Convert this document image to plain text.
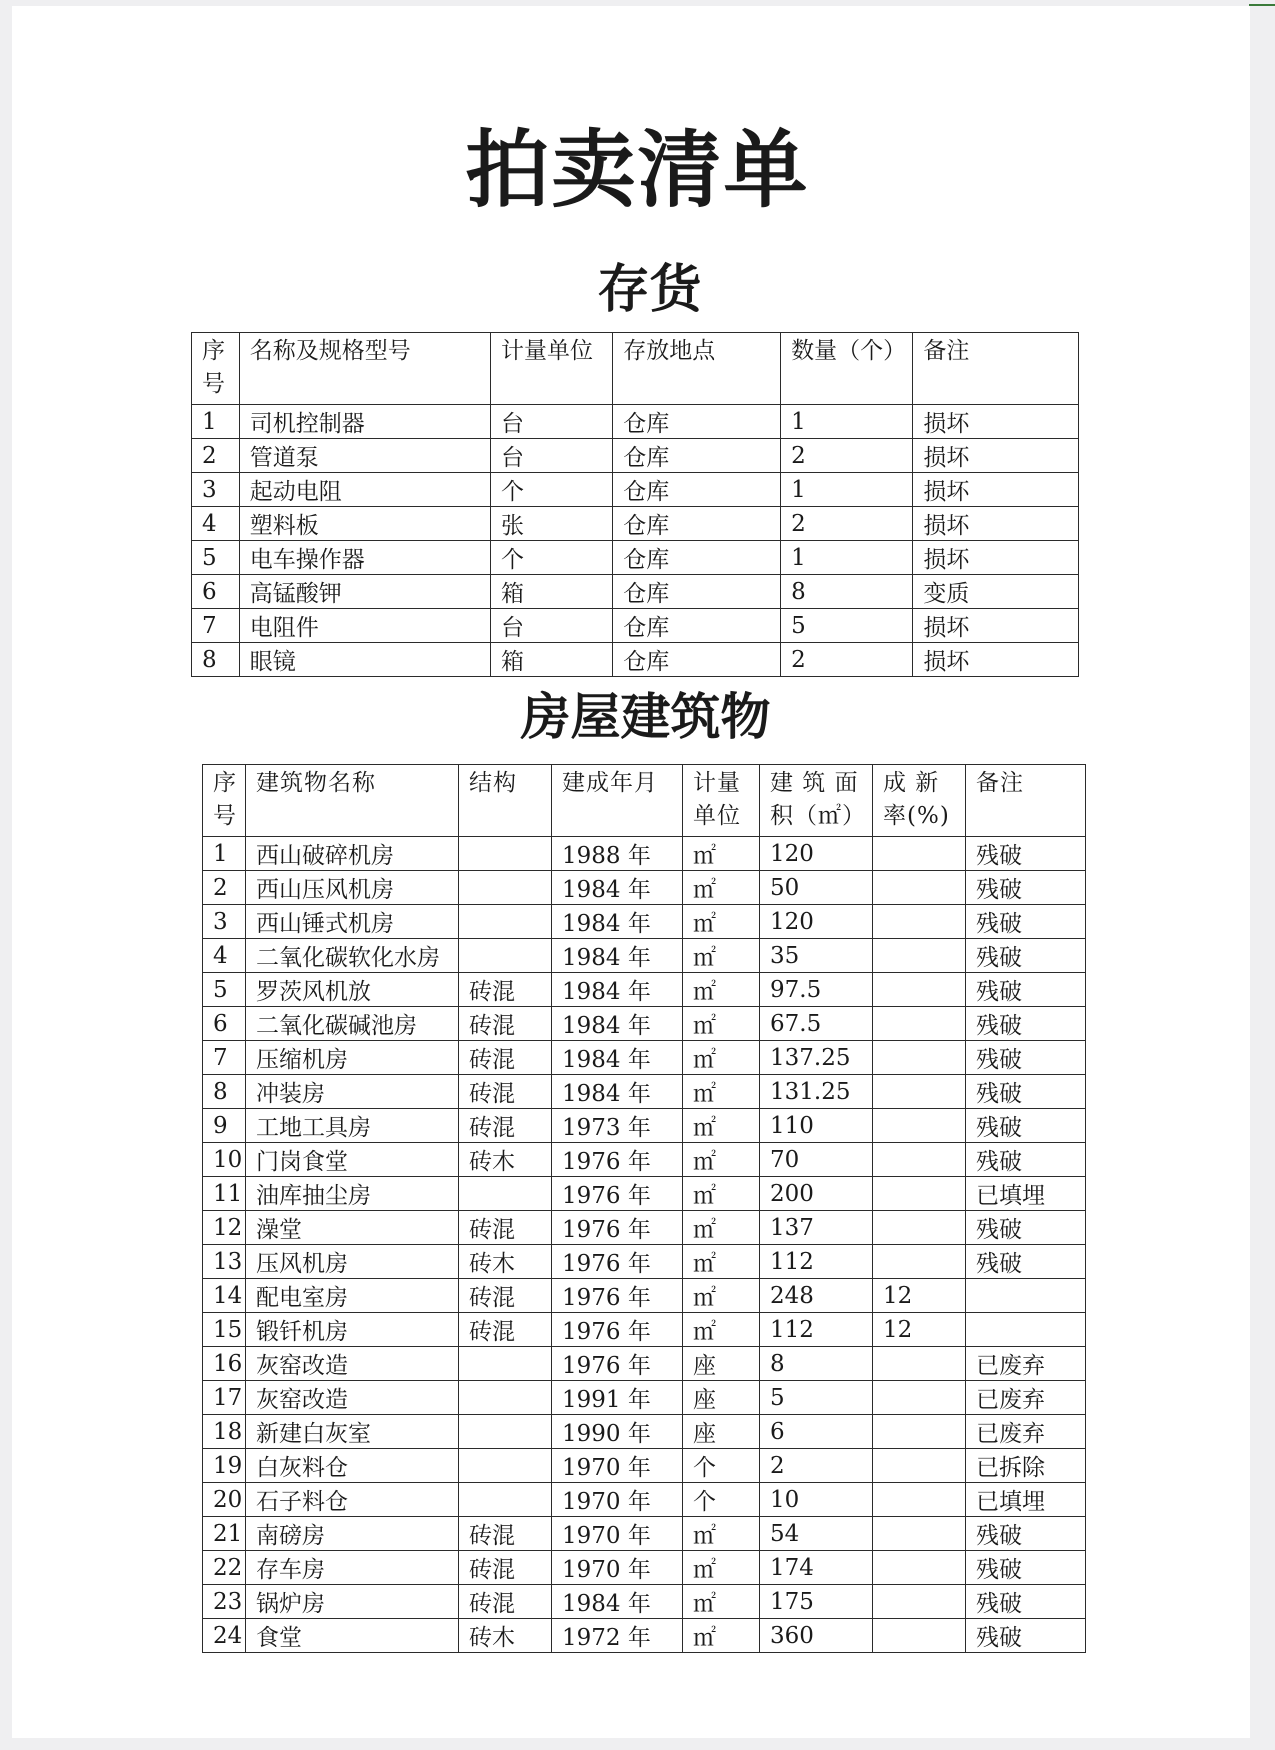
拍卖清单
存货
序号	名称及规格型号	计量单位	存放地点	数量（个）	备注
1	司机控制器	台	仓库	1	损坏
2	管道泵	台	仓库	2	损坏
3	起动电阻	个	仓库	1	损坏
4	塑料板	张	仓库	2	损坏
5	电车操作器	个	仓库	1	损坏
6	高锰酸钾	箱	仓库	8	变质
7	电阻件	台	仓库	5	损坏
8	眼镜	箱	仓库	2	损坏
房屋建筑物
序号	建筑物名称	结构	建成年月	计量单位	建 筑 面 积（㎡）	成 新 率(%)	备注
1	西山破碎机房		1988 年	㎡	120		残破
2	西山压风机房		1984 年	㎡	50		残破
3	西山锤式机房		1984 年	㎡	120		残破
4	二氧化碳软化水房		1984 年	㎡	35		残破
5	罗茨风机放	砖混	1984 年	㎡	97.5		残破
6	二氧化碳碱池房	砖混	1984 年	㎡	67.5		残破
7	压缩机房	砖混	1984 年	㎡	137.25		残破
8	冲装房	砖混	1984 年	㎡	131.25		残破
9	工地工具房	砖混	1973 年	㎡	110		残破
10	门岗食堂	砖木	1976 年	㎡	70		残破
11	油库抽尘房		1976 年	㎡	200		已填埋
12	澡堂	砖混	1976 年	㎡	137		残破
13	压风机房	砖木	1976 年	㎡	112		残破
14	配电室房	砖混	1976 年	㎡	248	12	
15	锻钎机房	砖混	1976 年	㎡	112	12	
16	灰窑改造		1976 年	座	8		已废弃
17	灰窑改造		1991 年	座	5		已废弃
18	新建白灰室		1990 年	座	6		已废弃
19	白灰料仓		1970 年	个	2		已拆除
20	石子料仓		1970 年	个	10		已填埋
21	南磅房	砖混	1970 年	㎡	54		残破
22	存车房	砖混	1970 年	㎡	174		残破
23	锅炉房	砖混	1984 年	㎡	175		残破
24	食堂	砖木	1972 年	㎡	360		残破
